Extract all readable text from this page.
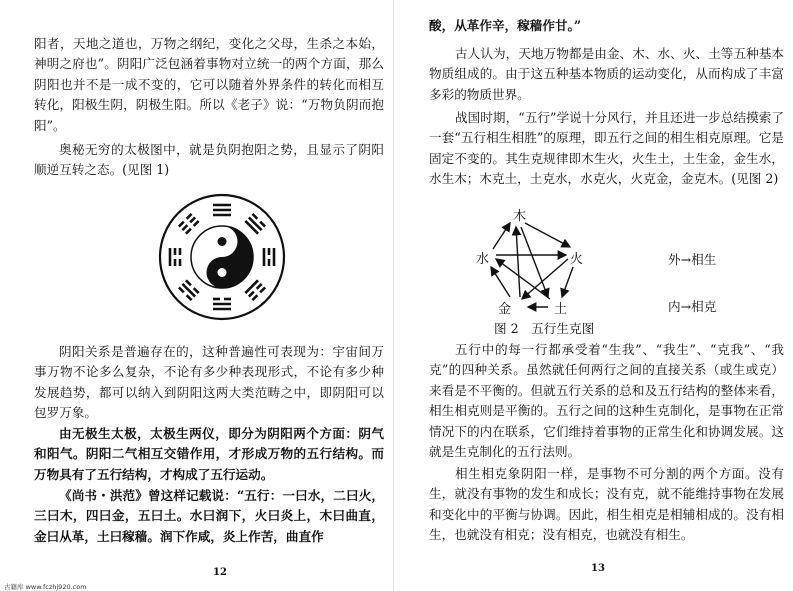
阳者，天地之道也，万物之纲纪，变化之父母，生杀之本始，神明之府也”。阴阳广泛包涵着事物对立统一的两个方面，那么阴阳也并不是一成不变的，它可以随着外界条件的转化而相互转化，阳极生阴，阴极生阳。所以《老子》说：“万物负阴而抱阳”。

奥秘无穷的太极图中，就是负阴抱阳之势，且显示了阴阳顺逆互转之态。(见图 1)

阴阳关系是普遍存在的，这种普遍性可表现为：宇宙间万事万物不论多么复杂，不论有多少种表现形式，不论有多少种发展趋势，都可以纳入到阴阳这两大类范畴之中，即阴阳可以包罗万象。

由无极生太极，太极生两仪，即分为阴阳两个方面：阴气和阳气。阴阳二气相互交错作用，才形成万物的五行结构。而万物具有了五行结构，才构成了五行运动。

《尚书・洪范》曾这样记载说：“五行：一曰水，二曰火，三曰木，四曰金，五曰土。水曰润下，火曰炎上，木曰曲直，金曰从革，土曰稼穑。润下作咸，炎上作苦，曲直作

12
古籍库 www.fczhj920.com

酸，从革作辛，稼穑作甘。”

古人认为，天地万物都是由金、木、水、火、土等五种基本物质组成的。由于这五种基本物质的运动变化，从而构成了丰富多彩的物质世界。

战国时期，“五行”学说十分风行，并且还进一步总结摸索了一套“五行相生相胜”的原理，即五行之间的相生相克原理。它是固定不变的。其生克规律即木生火，火生土，土生金，金生水，水生木；木克土，土克水，水克火，火克金，金克木。(见图 2)

木
火
土
金
水	外→相生
内→相克
图 2　五行生克图

五行中的每一行都承受着“生我”、“我生”、“克我”、“我克”的四种关系。虽然就任何两行之间的直接关系（或生或克）来看是不平衡的。但就五行关系的总和及五行结构的整体来看，相生相克则是平衡的。五行之间的这种生克制化，是事物在正常情况下的内在联系，它们维持着事物的正常生化和协调发展。这就是生克制化的五行法则。

相生相克象阴阳一样，是事物不可分割的两个方面。没有生，就没有事物的发生和成长；没有克，就不能维持事物在发展和变化中的平衡与协调。因此，相生相克是相辅相成的。没有相生，也就没有相克；没有相克，也就没有相生。

13
